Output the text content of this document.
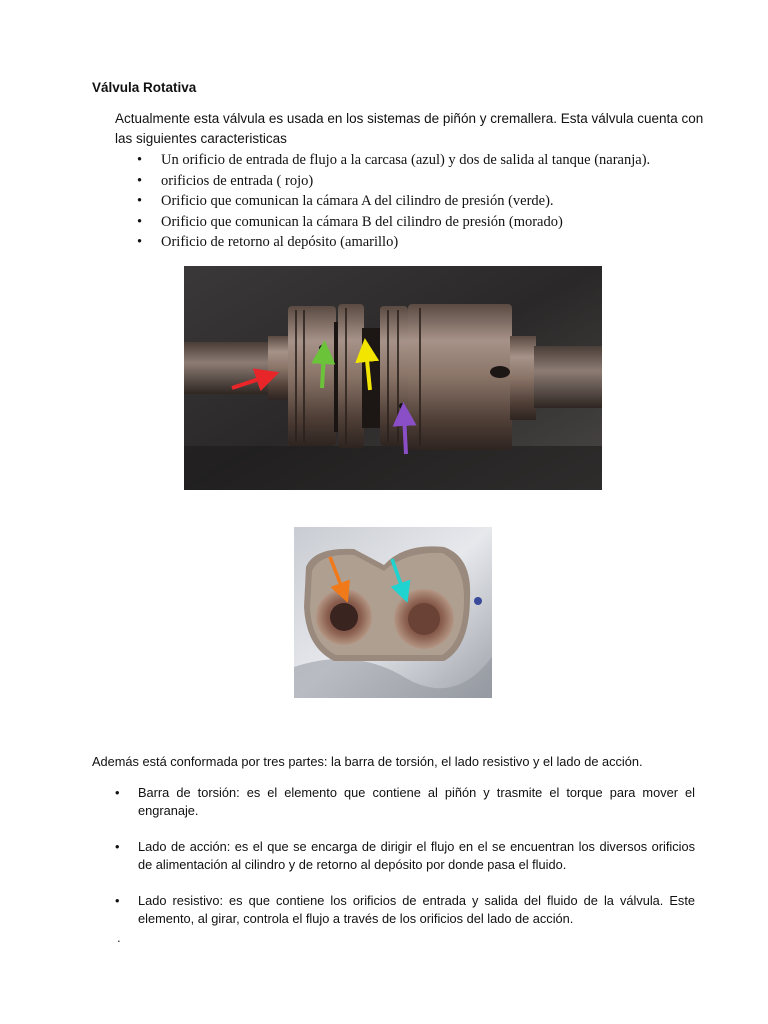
Válvula Rotativa
Actualmente esta válvula es usada en los sistemas de piñón y cremallera. Esta válvula cuenta con las siguientes caracteristicas
• Un orificio de entrada de flujo a la carcasa (azul) y dos de salida al tanque (naranja).
• orificios de entrada ( rojo)
• Orificio que comunican la cámara A del cilindro de presión (verde).
• Orificio que comunican la cámara B del cilindro de presión (morado)
• Orificio de retorno al depósito (amarillo)
Además está conformada por tres partes: la barra de torsión, el lado resistivo y el lado de acción.
• Barra de torsión: es el elemento que contiene al piñón y trasmite el torque para mover el engranaje.
• Lado de acción: es el que se encarga de dirigir el flujo en el se encuentran los diversos orificios de alimentación al cilindro y de retorno al depósito por donde pasa el fluido.
• Lado resistivo: es que contiene los orificios de entrada y salida del fluido de la válvula. Este elemento, al girar, controla el flujo a través de los orificios del lado de acción.
.
